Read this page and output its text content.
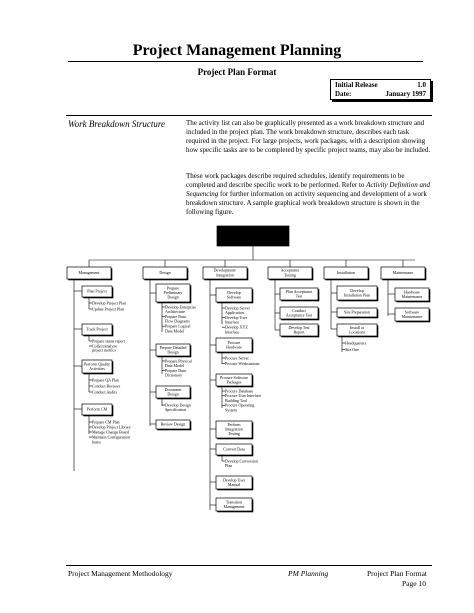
Project Management Planning
Project Plan Format
Initial Release	1.0
Date:	January 1997
Work Breakdown Structure	The activity list can also be graphically presented as a work breakdown structure and included in the project plan. The work breakdown structure, describes each task required in the project. For large projects, work packages, with a description showing how specific tasks are to be completed by specific project teams, may also be included.
These work packages describe required schedules, identify requirements to be completed and describe specific work to be performed. Refer to Activity Definition and Sequencing for further information on activity sequencing and development of a work breakdown structure. A sample graphical work breakdown structure is shown in the following figure.
Work Breakdown
Schedule (WBS)
Management	Design	Development/
Integration
Acceptance
Testing	Installation	Maintenance
Plan Project
Develop Project Plan
Update Project Plan
Track Project
Prepare status report
Collect/analyze
project metrics
Perform Quality
Activities
Prepare QA Plan
Conduct Reviews
Conduct Audits
Perform CM
Prepare CM Plan
Develop Project Library
Manage Change Board
Maintain Configuration
Items
Prepare
Preliminary
Design
Develop Enterprise
Architecture
Prepare Data
Flow Diagrams
Prepare Logical
Data Model
Prepare Detailed
Design
Prepare Physical
Data Model
Prepare Data
Dictionary
Document
Design
Develop Design
Specification
Review Design
Develop
Software
Develop Server
Application
Develop User
Interface
Develop XYZ
Interface
Procure
Hardware
Procure Server
Procure Workstations
Procure Software
Packages
Procure Database
Procure User Interface
Building Tool
Procure Operating
System
Perform
Integration
Testing
Convert Data
Develop Conversion
Plan
Develop User
Manual
Transition
Management
Plan Acceptance
Test
Conduct
Acceptance Test
Develop Test
Report
Develop
Installation Plan
Site Preparation
Install at
Locations
Headquarters
Site One
Hardware
Maintenance
Software
Maintenance
Project Management Methodology	PM Planning	Project Plan Format
Page 10
